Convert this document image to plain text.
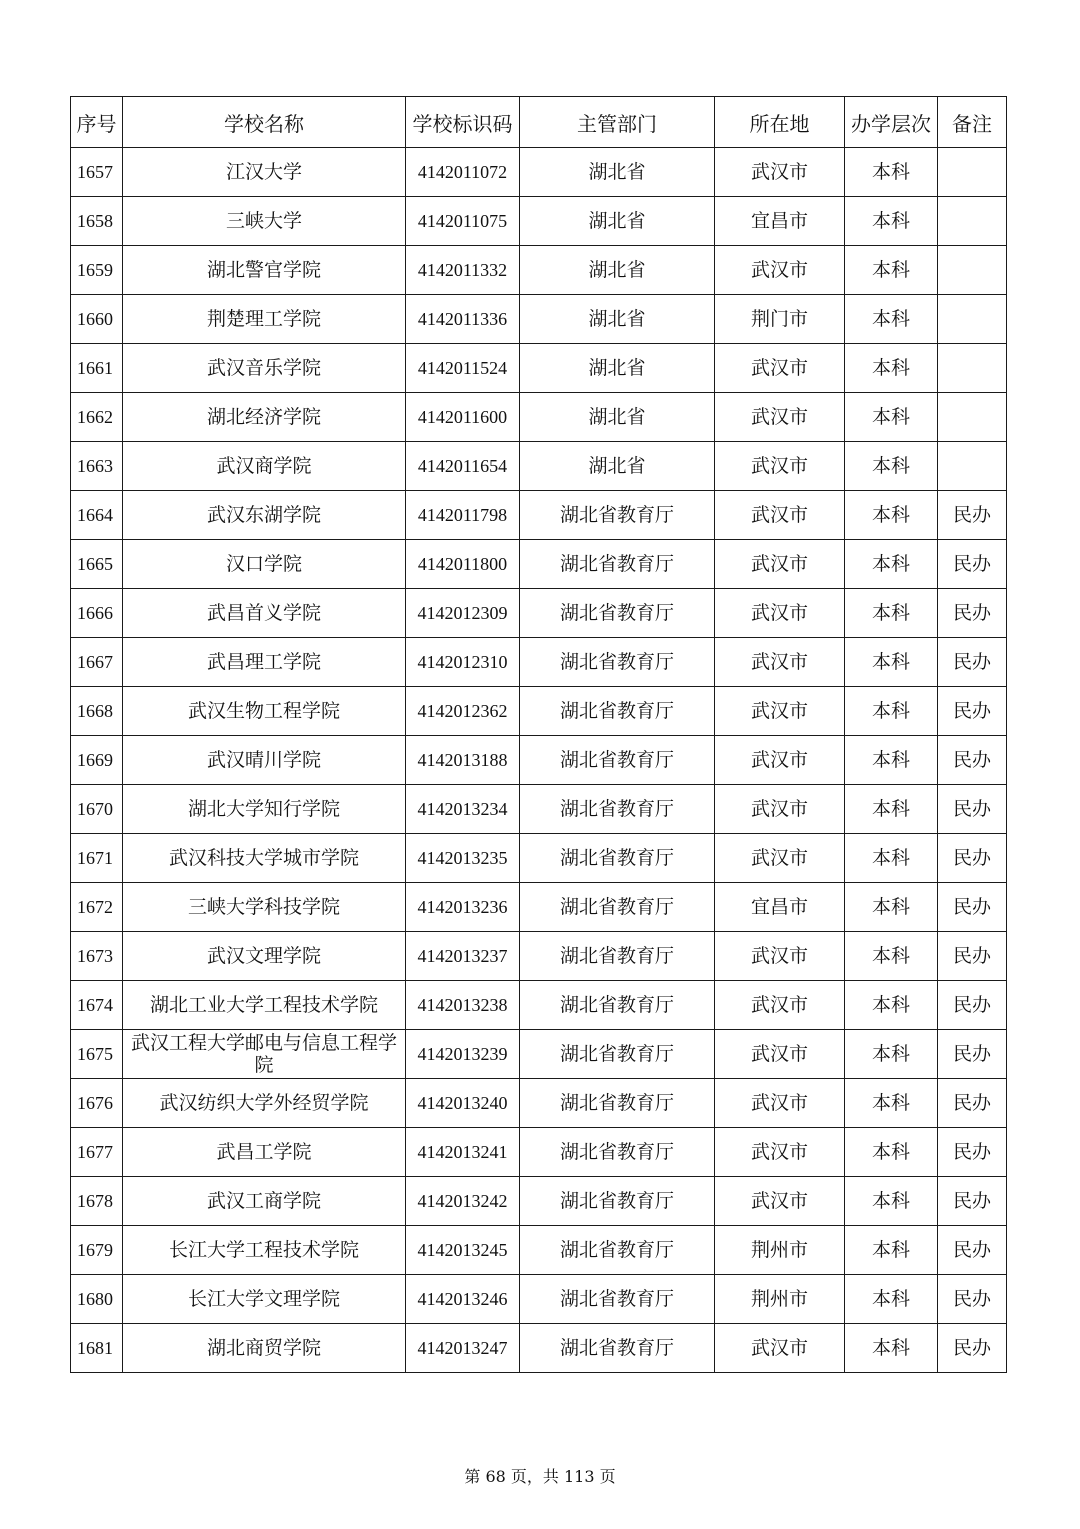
序号	学校名称	学校标识码	主管部门	所在地	办学层次	备注
1657	江汉大学	4142011072	湖北省	武汉市	本科	
1658	三峡大学	4142011075	湖北省	宜昌市	本科	
1659	湖北警官学院	4142011332	湖北省	武汉市	本科	
1660	荆楚理工学院	4142011336	湖北省	荆门市	本科	
1661	武汉音乐学院	4142011524	湖北省	武汉市	本科	
1662	湖北经济学院	4142011600	湖北省	武汉市	本科	
1663	武汉商学院	4142011654	湖北省	武汉市	本科	
1664	武汉东湖学院	4142011798	湖北省教育厅	武汉市	本科	民办
1665	汉口学院	4142011800	湖北省教育厅	武汉市	本科	民办
1666	武昌首义学院	4142012309	湖北省教育厅	武汉市	本科	民办
1667	武昌理工学院	4142012310	湖北省教育厅	武汉市	本科	民办
1668	武汉生物工程学院	4142012362	湖北省教育厅	武汉市	本科	民办
1669	武汉晴川学院	4142013188	湖北省教育厅	武汉市	本科	民办
1670	湖北大学知行学院	4142013234	湖北省教育厅	武汉市	本科	民办
1671	武汉科技大学城市学院	4142013235	湖北省教育厅	武汉市	本科	民办
1672	三峡大学科技学院	4142013236	湖北省教育厅	宜昌市	本科	民办
1673	武汉文理学院	4142013237	湖北省教育厅	武汉市	本科	民办
1674	湖北工业大学工程技术学院	4142013238	湖北省教育厅	武汉市	本科	民办
1675	武汉工程大学邮电与信息工程学院	4142013239	湖北省教育厅	武汉市	本科	民办
1676	武汉纺织大学外经贸学院	4142013240	湖北省教育厅	武汉市	本科	民办
1677	武昌工学院	4142013241	湖北省教育厅	武汉市	本科	民办
1678	武汉工商学院	4142013242	湖北省教育厅	武汉市	本科	民办
1679	长江大学工程技术学院	4142013245	湖北省教育厅	荆州市	本科	民办
1680	长江大学文理学院	4142013246	湖北省教育厅	荆州市	本科	民办
1681	湖北商贸学院	4142013247	湖北省教育厅	武汉市	本科	民办
第 68 页，共 113 页
